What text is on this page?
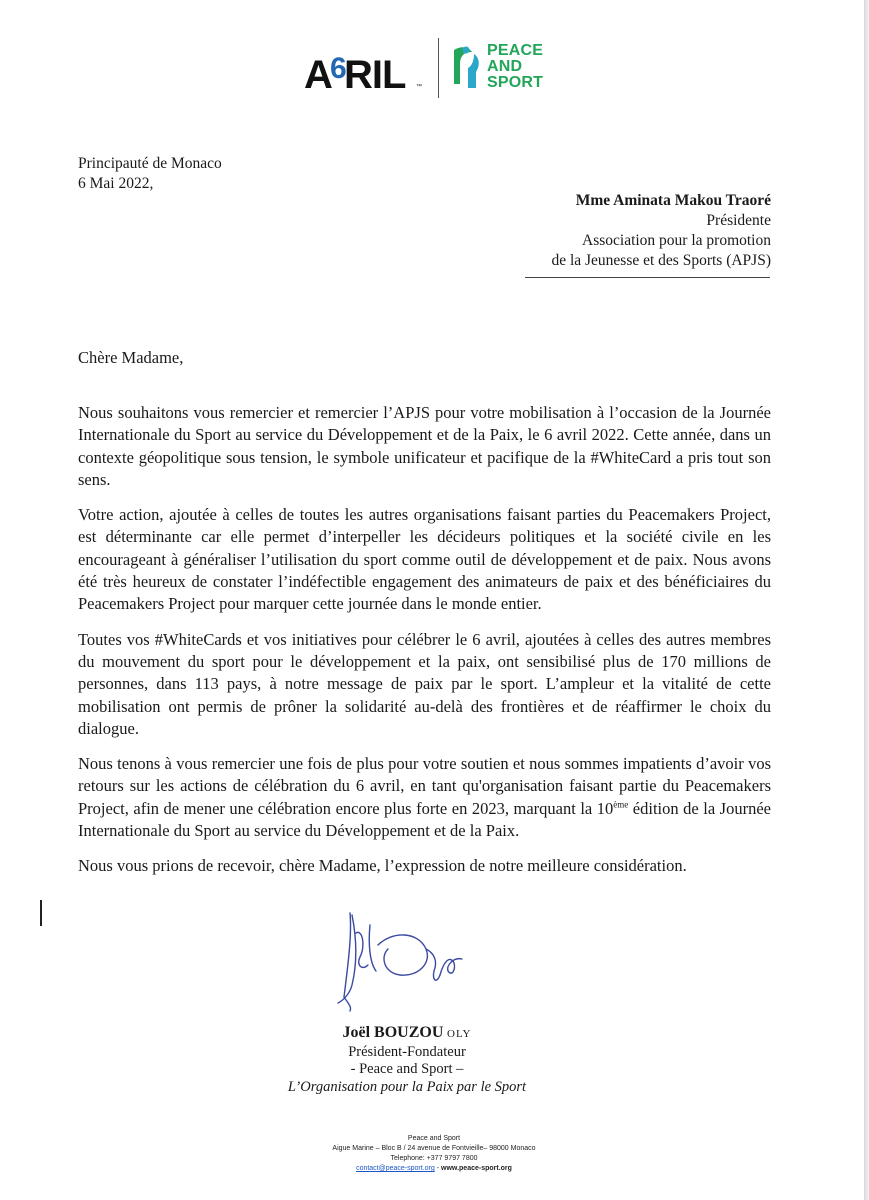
A
6
RIL ™
PEACE
AND
SPORT
Principauté de Monaco
6 Mai 2022,
Mme Aminata Makou Traoré
Présidente
Association pour la promotion
de la Jeunesse et des Sports (APJS)
Chère Madame,

Nous souhaitons vous remercier et remercier l’APJS pour votre mobilisation à l’occasion de la Journée Internationale du Sport au service du Développement et de la Paix, le 6 avril 2022. Cette année, dans un contexte géopolitique sous tension, le symbole unificateur et pacifique de la #WhiteCard a pris tout son sens.

Votre action, ajoutée à celles de toutes les autres organisations faisant parties du Peacemakers Project, est déterminante car elle permet d’interpeller les décideurs politiques et la société civile en les encourageant à généraliser l’utilisation du sport comme outil de développement et de paix. Nous avons été très heureux de constater l’indéfectible engagement des animateurs de paix et des bénéficiaires du Peacemakers Project pour marquer cette journée dans le monde entier.

Toutes vos #WhiteCards et vos initiatives pour célébrer le 6 avril, ajoutées à celles des autres membres du mouvement du sport pour le développement et la paix, ont sensibilisé plus de 170 millions de personnes, dans 113 pays, à notre message de paix par le sport. L’ampleur et la vitalité de cette mobilisation ont permis de prôner la solidarité au-delà des frontières et de réaffirmer le choix du dialogue.

Nous tenons à vous remercier une fois de plus pour votre soutien et nous sommes impatients d’avoir vos retours sur les actions de célébration du 6 avril, en tant qu'organisation faisant partie du Peacemakers Project, afin de mener une célébration encore plus forte en 2023, marquant la 10ème édition de la Journée Internationale du Sport au service du Développement et de la Paix.

Nous vous prions de recevoir, chère Madame, l’expression de notre meilleure considération.

Joël BOUZOU OLY
Président-Fondateur
- Peace and Sport –
L’Organisation pour la Paix par le Sport
Peace and Sport
Aigue Marine – Bloc B / 24 avenue de Fontvieille– 98000 Monaco
Telephone: +377 9797 7800
contact@peace-sport.org - www.peace-sport.org
